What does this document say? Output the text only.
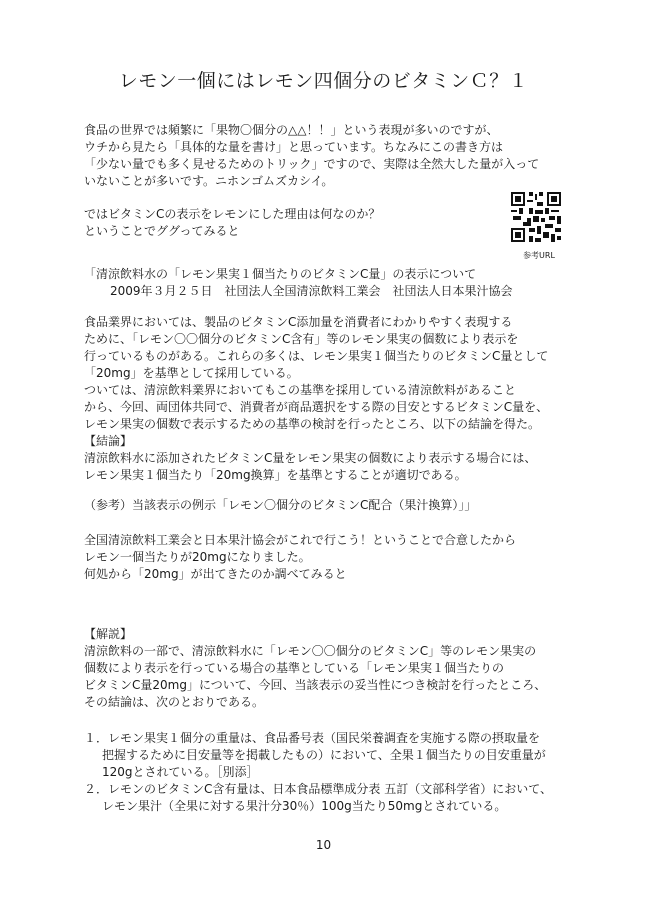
レモン一個にはレモン四個分のビタミンＣ？１
食品の世界では頻繁に「果物〇個分の△△！！」という表現が多いのですが、
ウチから見たら「具体的な量を書け」と思っています。ちなみにこの書き方は
「少ない量でも多く見せるためのトリック」ですので、実際は全然大した量が入って
いないことが多いです。ニホンゴムズカシイ。
ではビタミンCの表示をレモンにした理由は何なのか？
ということでググってみると
参考URL
「清涼飲料水の「レモン果実１個当たりのビタミンC量」の表示について
2009年３月２５日　社団法人全国清涼飲料工業会　社団法人日本果汁協会
食品業界においては、製品のビタミンC添加量を消費者にわかりやすく表現する
ために、「レモン〇〇個分のビタミンC含有」等のレモン果実の個数により表示を
行っているものがある。これらの多くは、レモン果実１個当たりのビタミンC量として
「20mg」を基準として採用している。
ついては、清涼飲料業界においてもこの基準を採用している清涼飲料があること
から、今回、両団体共同で、消費者が商品選択をする際の目安とするビタミンC量を、
レモン果実の個数で表示するための基準の検討を行ったところ、以下の結論を得た。
【結論】
清涼飲料水に添加されたビタミンC量をレモン果実の個数により表示する場合には、
レモン果実１個当たり「20mg換算」を基準とすることが適切である。
（参考）当該表示の例示「レモン〇個分のビタミンC配合（果汁換算）」」
全国清涼飲料工業会と日本果汁協会がこれで行こう！ということで合意したから
レモン一個当たりが20mgになりました。
何処から「20mg」が出てきたのか調べてみると
【解説】
清涼飲料の一部で、清涼飲料水に「レモン〇〇個分のビタミンC」等のレモン果実の
個数により表示を行っている場合の基準としている「レモン果実１個当たりの
ビタミンC量20mg」について、今回、当該表示の妥当性につき検討を行ったところ、
その結論は、次のとおりである。
１．レモン果実１個分の重量は、食品番号表（国民栄養調査を実施する際の摂取量を
把握するために目安量等を掲載したもの）において、全果１個当たりの目安重量が
120gとされている。［別添］
２．レモンのビタミンC含有量は、日本食品標準成分表 五訂（文部科学省）において、
レモン果汁（全果に対する果汁分30％）100g当たり50mgとされている。
10
